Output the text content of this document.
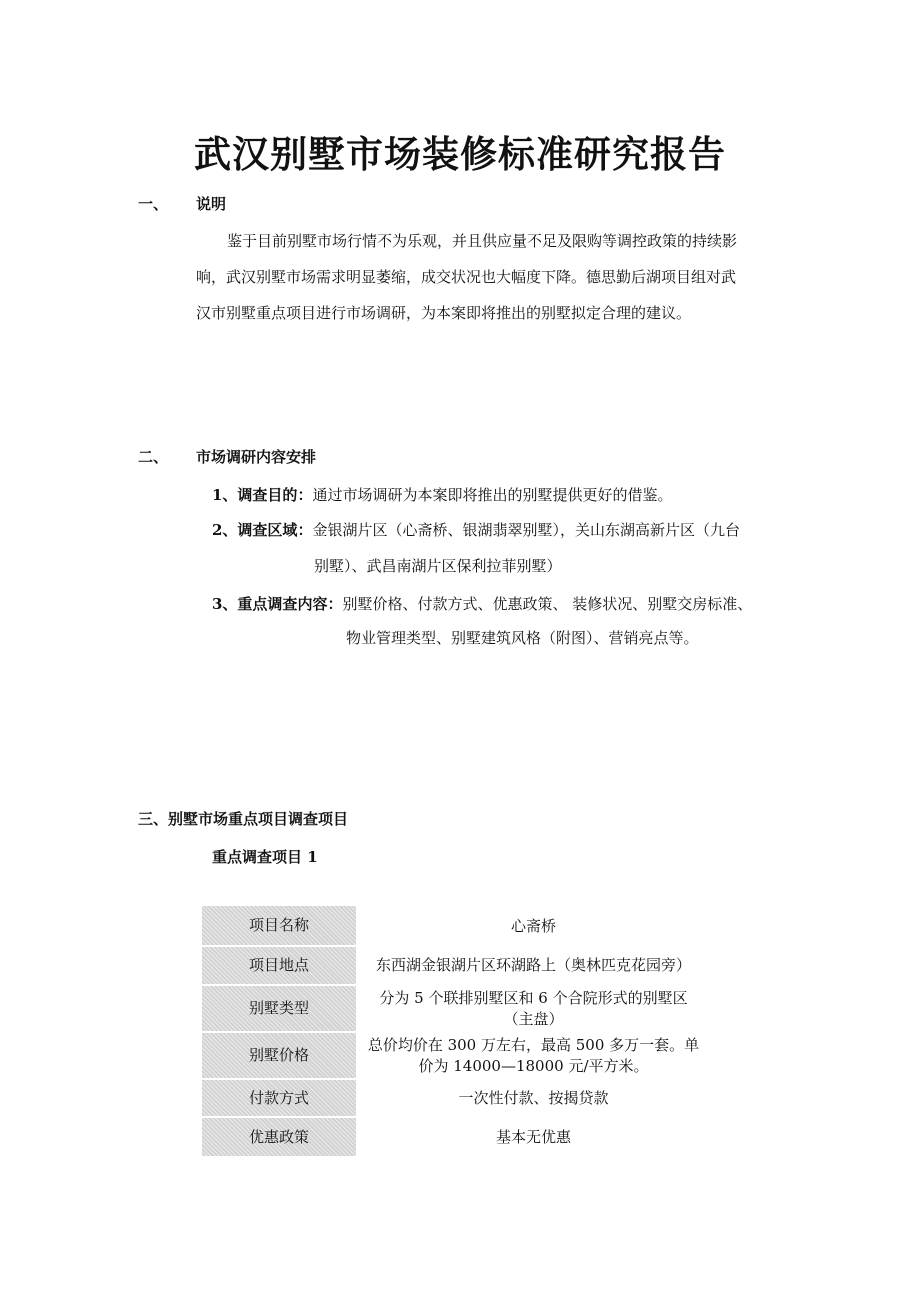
武汉别墅市场装修标准研究报告
一、 说明
鉴于目前别墅市场行情不为乐观，并且供应量不足及限购等调控政策的持续影
响，武汉别墅市场需求明显萎缩，成交状况也大幅度下降。德思勤后湖项目组对武
汉市别墅重点项目进行市场调研，为本案即将推出的别墅拟定合理的建议。
二、 市场调研内容安排
1、调查目的：通过市场调研为本案即将推出的别墅提供更好的借鉴。
2、调查区域：金银湖片区（心斋桥、银湖翡翠别墅），关山东湖高新片区（九台
别墅）、武昌南湖片区保利拉菲别墅）
3、重点调查内容：别墅价格、付款方式、优惠政策、 装修状况、别墅交房标准、
物业管理类型、别墅建筑风格（附图）、营销亮点等。
三、别墅市场重点项目调查项目
重点调查项目 1
项目名称	心斋桥

项目地点	东西湖金银湖片区环湖路上（奥林匹克花园旁）

别墅类型	分为 5 个联排别墅区和 6 个合院形式的别墅区
（主盘）

别墅价格	总价均价在 300 万左右，最高 500 多万一套。单
价为 14000—18000 元/平方米。

付款方式	一次性付款、按揭贷款

优惠政策	基本无优惠
